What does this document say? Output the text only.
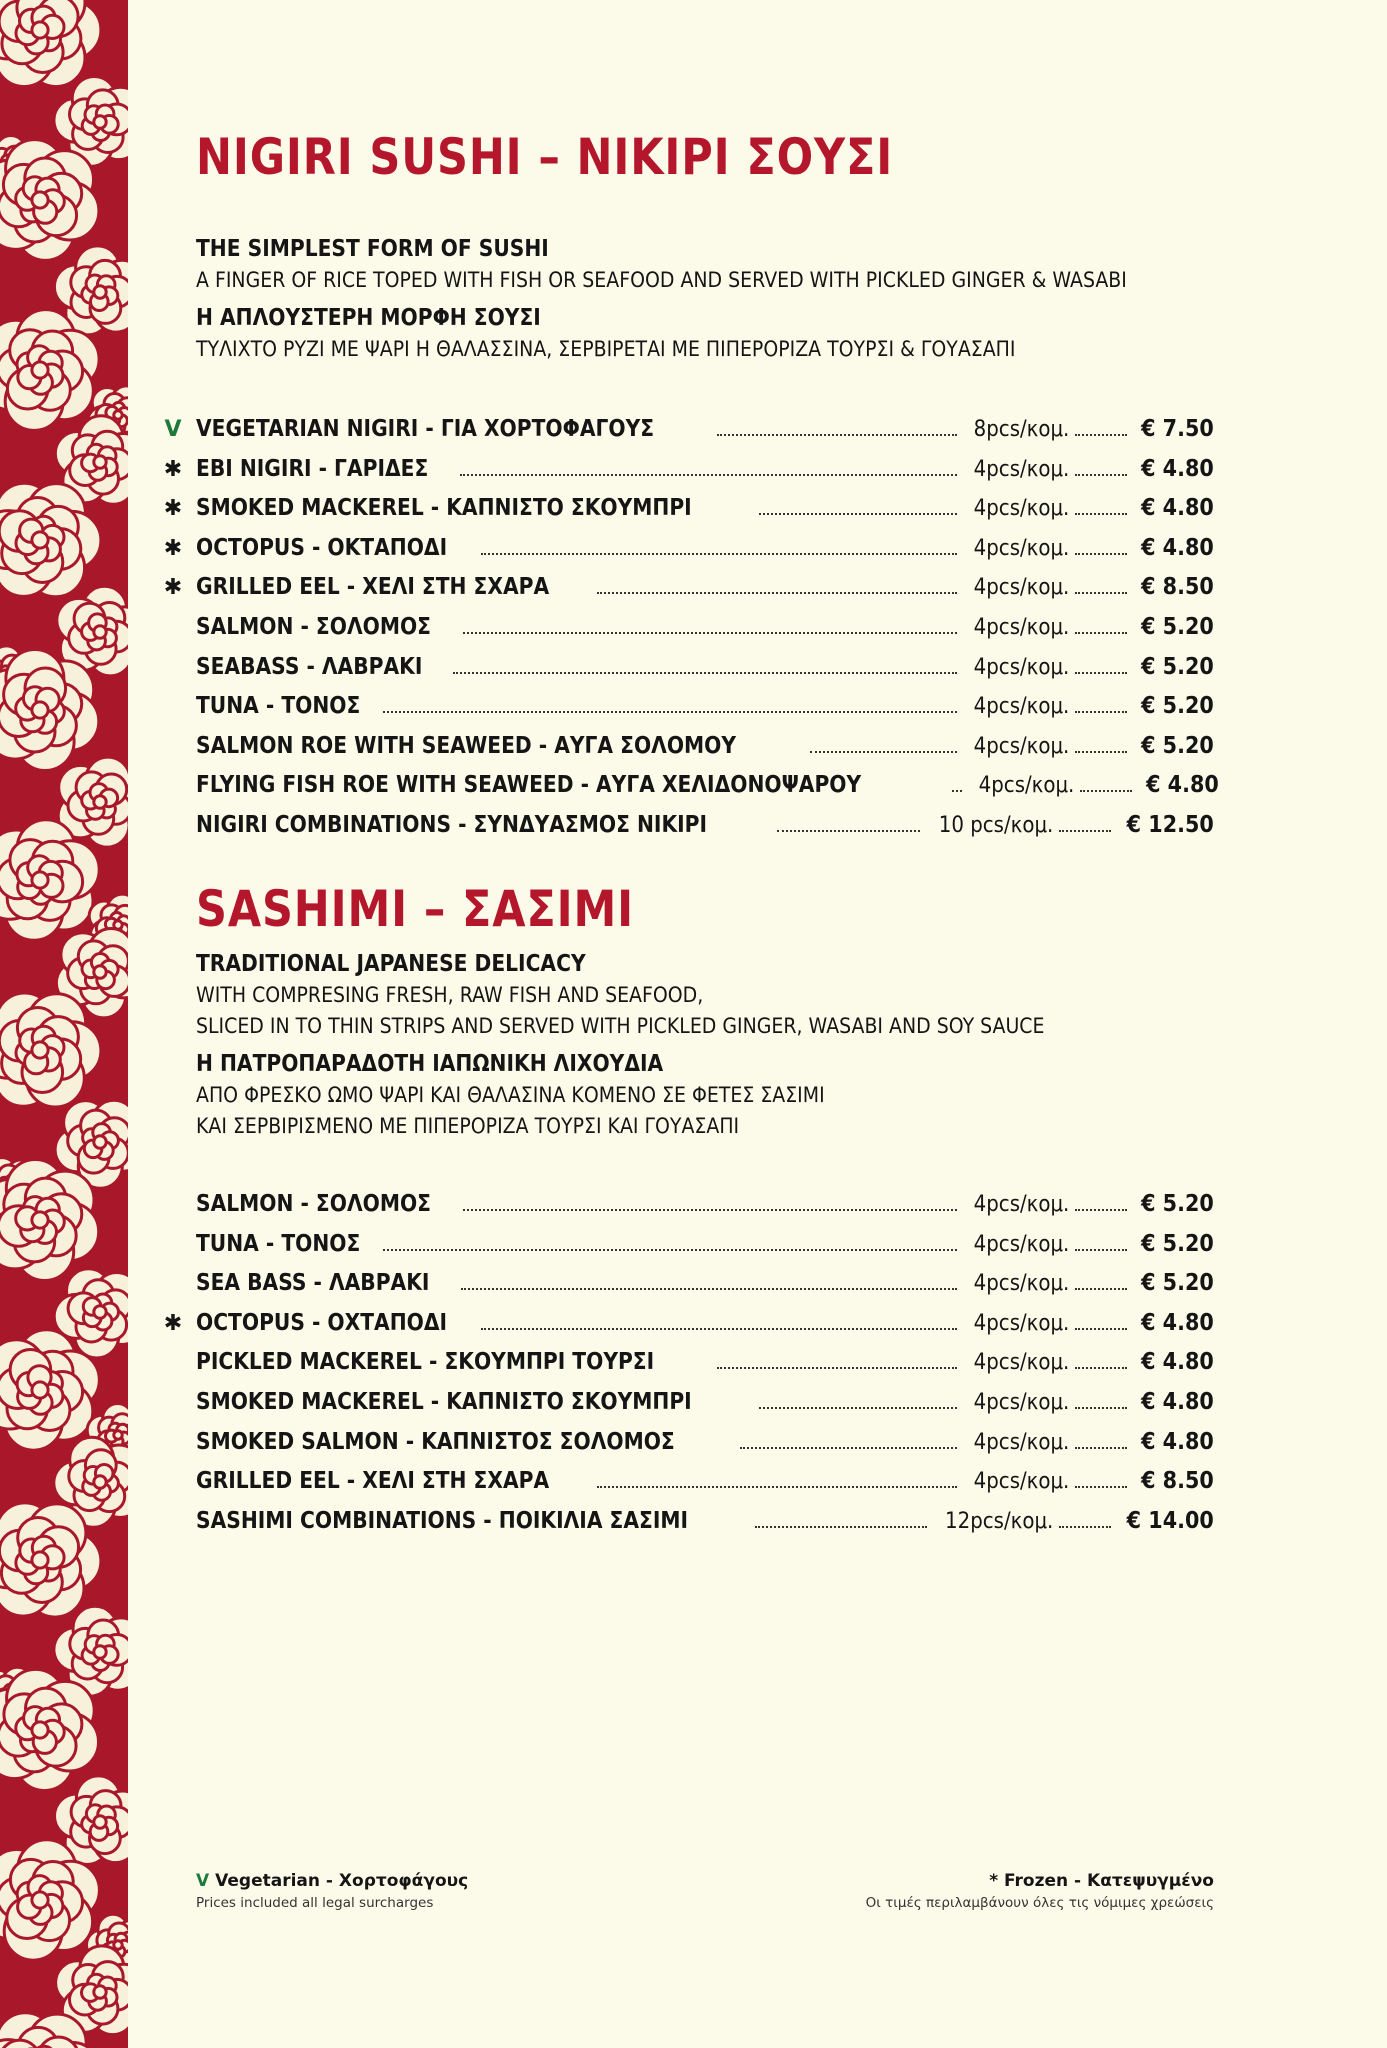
NIGIRI SUSHI – ΝΙΚΙΡΙ ΣΟΥΣΙ
THE SIMPLEST FORM OF SUSHI
A FINGER OF RICE TOPED WITH FISH OR SEAFOOD AND SERVED WITH PICKLED GINGER & WASABI
Η ΑΠΛΟΥΣΤΕΡΗ ΜΟΡΦΗ ΣΟΥΣΙ
ΤΥΛΙΧΤΟ ΡΥΖΙ ΜΕ ΨΑΡΙ Η ΘΑΛΑΣΣΙΝΑ, ΣΕΡΒΙΡΕΤΑΙ ΜΕ ΠΙΠΕΡΟΡΙΖΑ ΤΟΥΡΣΙ & ΓΟΥΑΣΑΠΙ
V VEGETARIAN NIGIRI - ΓΙΑ ΧΟΡΤΟΦΑΓΟΥΣ	8pcs/κομ.	€ 7.50
✱ EBI NIGIRI - ΓΑΡΙΔΕΣ	4pcs/κομ.	€ 4.80
✱ SMOKED MACKEREL - ΚΑΠΝΙΣΤΟ ΣΚΟΥΜΠΡΙ	4pcs/κομ.	€ 4.80
✱ OCTOPUS - ΟΚΤΑΠΟΔΙ	4pcs/κομ.	€ 4.80
✱ GRILLED EEL - ΧΕΛΙ ΣΤΗ ΣΧΑΡΑ	4pcs/κομ.	€ 8.50
SALMON - ΣΟΛΟΜΟΣ	4pcs/κομ.	€ 5.20
SEABASS - ΛΑΒΡΑΚΙ	4pcs/κομ.	€ 5.20
TUNA - ΤΟΝΟΣ	4pcs/κομ.	€ 5.20
SALMON ROE WITH SEAWEED - ΑΥΓΑ ΣΟΛΟΜΟΥ	4pcs/κομ.	€ 5.20
FLYING FISH ROE WITH SEAWEED - ΑΥΓΑ ΧΕΛΙΔΟΝΟΨΑΡΟΥ	4pcs/κομ.	€ 4.80
NIGIRI COMBINATIONS - ΣΥΝΔΥΑΣΜΟΣ ΝΙΚΙΡΙ	10 pcs/κομ.	€ 12.50
SASHIMI – ΣΑΣΙΜΙ
TRADITIONAL JAPANESE DELICACY
WITH COMPRESING FRESH, RAW FISH AND SEAFOOD,
SLICED IN TO THIN STRIPS AND SERVED WITH PICKLED GINGER, WASABI AND SOY SAUCE
Η ΠΑΤΡΟΠΑΡΑΔΟΤΗ ΙΑΠΩΝΙΚΗ ΛΙΧΟΥΔΙΑ
ΑΠΟ ΦΡΕΣΚΟ ΩΜΟ ΨΑΡΙ ΚΑΙ ΘΑΛΑΣΙΝΑ ΚΟΜΕΝΟ ΣΕ ΦΕΤΕΣ ΣΑΣΙΜΙ
ΚΑΙ ΣΕΡΒΙΡΙΣΜΕΝΟ ΜΕ ΠΙΠΕΡΟΡΙΖΑ ΤΟΥΡΣΙ ΚΑΙ ΓΟΥΑΣΑΠΙ
SALMON - ΣΟΛΟΜΟΣ	4pcs/κομ.	€ 5.20
TUNA - ΤΟΝΟΣ	4pcs/κομ.	€ 5.20
SEA BASS - ΛΑΒΡΑΚΙ	4pcs/κομ.	€ 5.20
✱ OCTOPUS - ΟΧΤΑΠΟΔΙ	4pcs/κομ.	€ 4.80
PICKLED MACKEREL - ΣΚΟΥΜΠΡΙ ΤΟΥΡΣΙ	4pcs/κομ.	€ 4.80
SMOKED MACKEREL - ΚΑΠΝΙΣΤΟ ΣΚΟΥΜΠΡΙ	4pcs/κομ.	€ 4.80
SMOKED SALMON - ΚΑΠΝΙΣΤΟΣ ΣΟΛΟΜΟΣ	4pcs/κομ.	€ 4.80
GRILLED EEL - ΧΕΛΙ ΣΤΗ ΣΧΑΡΑ	4pcs/κομ.	€ 8.50
SASHIMI COMBINATIONS - ΠΟΙΚΙΛΙΑ ΣΑΣΙΜΙ	12pcs/κομ.	€ 14.00
V Vegetarian - Χορτοφάγους
Prices included all legal surcharges
* Frozen - Κατεψυγμένο
Οι τιμές περιλαμβάνουν όλες τις νόμιμες χρεώσεις
